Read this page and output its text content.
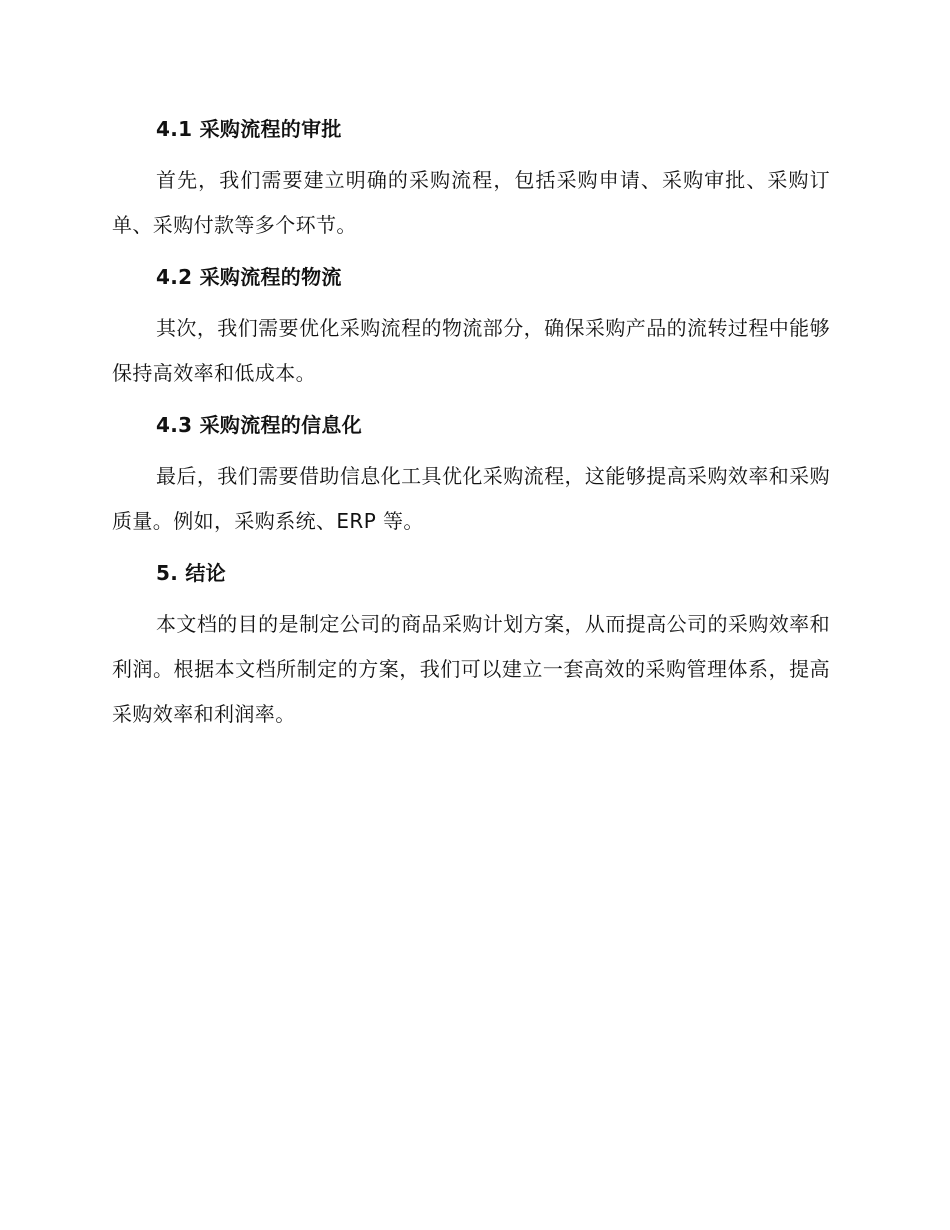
4.1 采购流程的审批

首先，我们需要建立明确的采购流程，包括采购申请、采购审批、采购订单、采购付款等多个环节。

4.2 采购流程的物流

其次，我们需要优化采购流程的物流部分，确保采购产品的流转过程中能够保持高效率和低成本。

4.3 采购流程的信息化

最后，我们需要借助信息化工具优化采购流程，这能够提高采购效率和采购质量。例如，采购系统、ERP 等。

5. 结论

本文档的目的是制定公司的商品采购计划方案，从而提高公司的采购效率和利润。根据本文档所制定的方案，我们可以建立一套高效的采购管理体系，提高采购效率和利润率。
